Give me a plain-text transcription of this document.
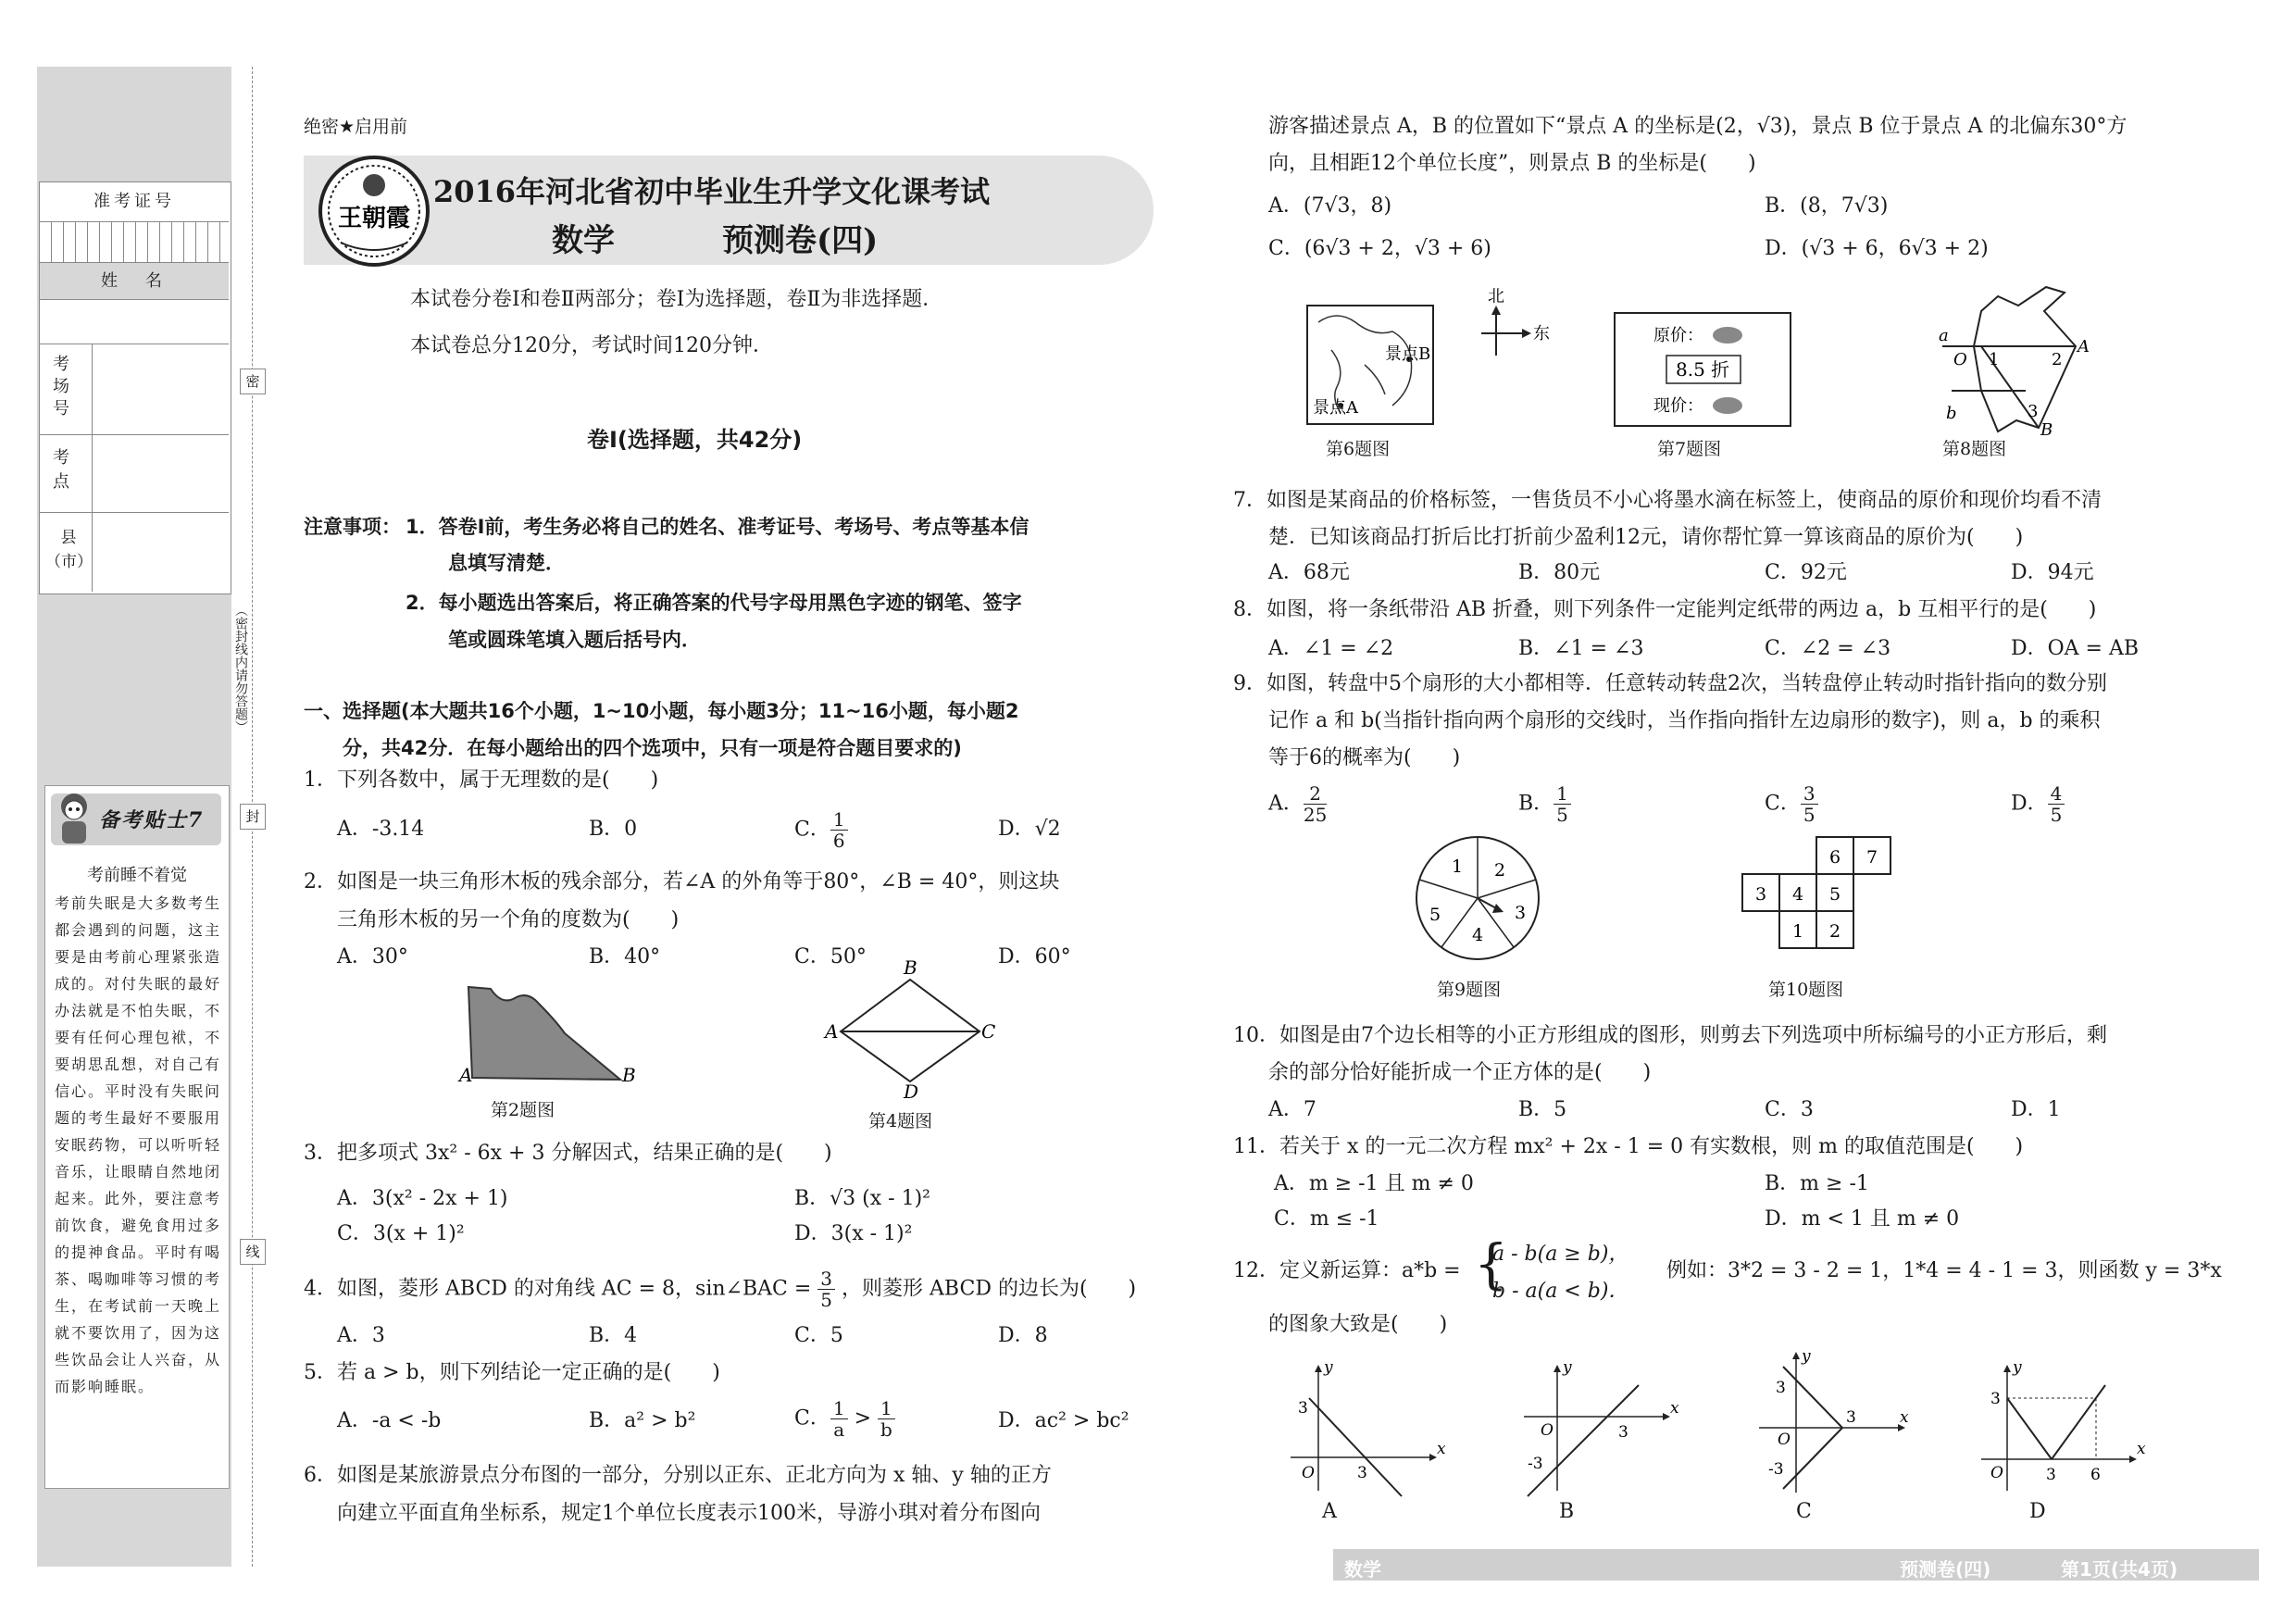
准考证号
姓　名
考
场
号
考
点
县
（市）
密
封
线
（密封线内请勿答题）
备考贴士7
考前睡不着觉
考前失眠是大多数考生都会遇到的问题，这主要是由考前心理紧张造成的。对付失眠的最好办法就是不怕失眠，不要有任何心理包袱，不要胡思乱想，对自己有信心。平时没有失眠问题的考生最好不要服用安眠药物，可以听听轻音乐，让眼睛自然地闭起来。此外，要注意考前饮食，避免食用过多的提神食品。平时有喝茶、喝咖啡等习惯的考生，在考试前一天晚上就不要饮用了，因为这些饮品会让人兴奋，从而影响睡眠。
绝密★启用前
王朝霞
2016年河北省初中毕业生升学文化课考试
数学	预测卷(四)
本试卷分卷Ⅰ和卷Ⅱ两部分；卷Ⅰ为选择题，卷Ⅱ为非选择题．
本试卷总分120分，考试时间120分钟．
卷Ⅰ(选择题，共42分)
注意事项： 1．答卷Ⅰ前，考生务必将自己的姓名、准考证号、考场号、考点等基本信
息填写清楚．
2．每小题选出答案后，将正确答案的代号字母用黑色字迹的钢笔、签字
笔或圆珠笔填入题后括号内．
一、选择题(本大题共16个小题，1~10小题，每小题3分；11~16小题，每小题2
分，共42分．在每小题给出的四个选项中，只有一项是符合题目要求的)
1．下列各数中，属于无理数的是(　　)
A．-3.14	B．0	C． $\frac{1}{6}$	D．√2
2．如图是一块三角形木板的残余部分，若∠A 的外角等于80°，∠B = 40°，则这块
三角形木板的另一个角的度数为(　　)
A．30°	B．40°	C．50°	D．60°
A	B
第2题图
B
A	C
D
第4题图
3．把多项式 3x² - 6x + 3 分解因式，结果正确的是(　　)
A．3(x² - 2x + 1)	B．√3 (x - 1)²
C．3(x + 1)²	D．3(x - 1)²
4．如图，菱形 ABCD 的对角线 AC = 8，sin∠BAC = $\frac{3}{5}$ ，则菱形 ABCD 的边长为(　　)
A．3	B．4	C．5	D．8
5．若 a > b，则下列结论一定正确的是(　　)
A．-a < -b	B．a² > b²	C． $\frac{1}{a} > \frac{1}{b}$	D．ac² > bc²
6．如图是某旅游景点分布图的一部分，分别以正东、正北方向为 x 轴、y 轴的正方
向建立平面直角坐标系，规定1个单位长度表示100米，导游小琪对着分布图向
游客描述景点 A，B 的位置如下“景点 A 的坐标是(2，√3)，景点 B 位于景点 A 的北偏东30°方
向，且相距12个单位长度”，则景点 B 的坐标是(　　)
A．(7√3，8)	B．(8，7√3)
C．(6√3 + 2，√3 + 6)	D．(√3 + 6，6√3 + 2)
景点B
景点A
北
东
第6题图
原价：
8.5 折
现价：
第7题图
a
b
O 1	2
3
A
B
第8题图
7．如图是某商品的价格标签，一售货员不小心将墨水滴在标签上，使商品的原价和现价均看不清
楚．已知该商品打折后比打折前少盈利12元，请你帮忙算一算该商品的原价为(　　)
A．68元	B．80元	C．92元	D．94元
8．如图，将一条纸带沿 AB 折叠，则下列条件一定能判定纸带的两边 a，b 互相平行的是(　　)
A．∠1 = ∠2	B．∠1 = ∠3	C．∠2 = ∠3	D．OA = AB
9．如图，转盘中5个扇形的大小都相等．任意转动转盘2次，当转盘停止转动时指针指向的数分别
记作 a 和 b(当指针指向两个扇形的交线时，当作指向指针左边扇形的数字)，则 a，b 的乘积
等于6的概率为(　　)
A． $\frac{2}{25}$	B． $\frac{1}{5}$	C． $\frac{3}{5}$	D． $\frac{4}{5}$
1 2
3
4
5
第9题图
6 7
3 4 5
1 2
第10题图
10．如图是由7个边长相等的小正方形组成的图形，则剪去下列选项中所标编号的小正方形后，剩
余的部分恰好能折成一个正方体的是(　　)
A．7	B．5	C．3	D．1
11．若关于 x 的一元二次方程 mx² + 2x - 1 = 0 有实数根，则 m 的取值范围是(　　)
A．m ≥ -1 且 m ≠ 0	B．m ≥ -1
C．m ≤ -1	D．m < 1 且 m ≠ 0
12．定义新运算：a*b = {
a - b(a ≥ b)，
b - a(a < b)．
例如：3*2 = 3 - 2 = 1，1*4 = 4 - 1 = 3，则函数 y = 3*x
的图象大致是(　　)
x
y
O
3
3
A
x
y
O	3
-3
B
x
y
O
3
3
-3
C
x
y
O
3
3 6
D
数学	预测卷(四)	第1页(共4页)
